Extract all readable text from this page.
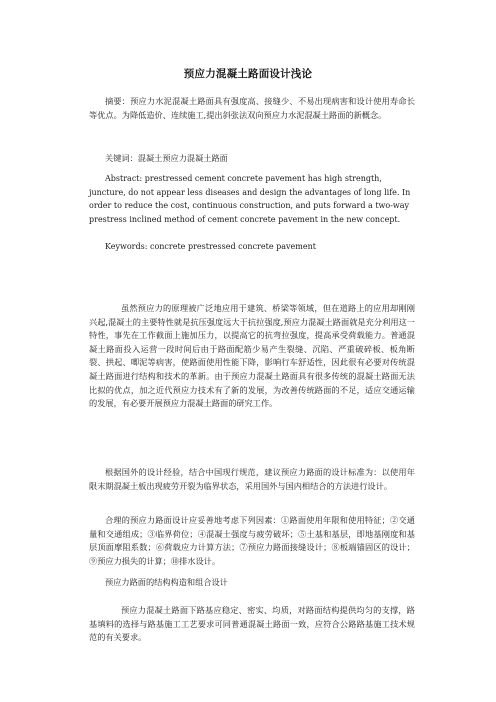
预应力混凝土路面设计浅论
摘要：预应力水泥混凝土路面具有强度高、接缝少、不易出现病害和设计使用寿命长等优点。为降低造价、连续施工,提出斜张法双向预应力水泥混凝土路面的新概念。
关键词：混凝土预应力混凝土路面
Abstract: prestressed cement concrete pavement has high strength, juncture, do not appear less diseases and design the advantages of long life. In order to reduce the cost, continuous construction, and puts forward a two-way prestress inclined method of cement concrete pavement in the new concept.
Keywords: concrete prestressed concrete pavement
虽然预应力的原理被广泛地应用于建筑、桥梁等领域，但在道路上的应用却刚刚兴起,混凝土的主要特性就是抗压强度远大于抗拉强度,预应力混凝土路面就是充分利用这一特性，事先在工作截面上施加压力，以提高它的抗弯拉强度，提高承受荷载能力。普通混凝土路面投入运营一段时间后由于路面配筋少易产生裂缝、沉陷、严重破碎板、板角断裂、拱起、唧泥等病害，使路面使用性能下降，影响行车舒适性，因此很有必要对传统混凝土路面进行结构和技术的革新。由于预应力混凝土路面具有很多传统的混凝土路面无法比拟的优点，加之近代预应力技术有了新的发展，为改善传统路面的不足，适应交通运输的发展，有必要开展预应力混凝土路面的研究工作。
根据国外的设计经验，结合中国现行规范，建议预应力路面的设计标准为：以使用年限末期混凝土板出现疲劳开裂为临界状态，采用国外与国内相结合的方法进行设计。
合理的预应力路面设计应妥善地考虑下列因素：①路面使用年限和使用特征；②交通量和交通组成；③临界荷位；④混凝土强度与疲劳破坏；⑤土基和基层，即地基刚度和基层顶面摩阻系数；⑥荷载应力计算方法；⑦预应力路面接缝设计；⑧板端锚固区的设计；⑨预应力损失的计算；⑩排水设计。
预应力路面的结构构造和组合设计
预应力混凝土路面下路基应稳定、密实、均质，对路面结构提供均匀的支撑，路基填料的选择与路基施工工艺要求可同普通混凝土路面一致，应符合公路路基施工技术规范的有关要求。
